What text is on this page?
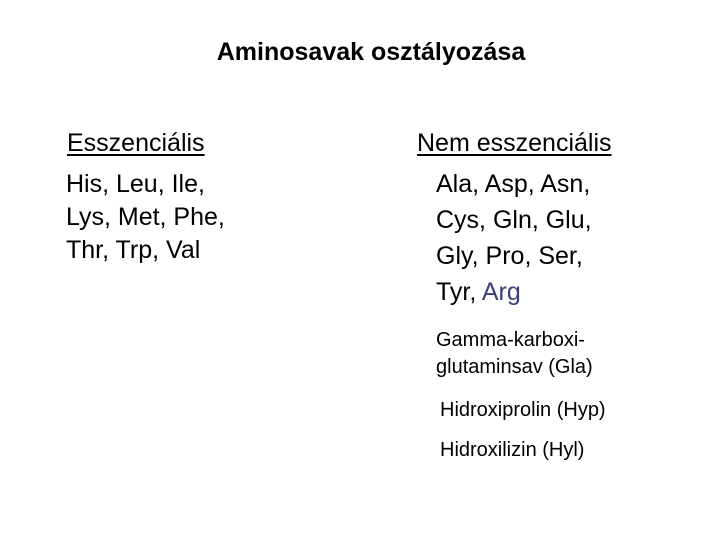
Aminosavak osztályozása
Esszenciális
His, Leu, Ile,
Lys, Met, Phe,
Thr, Trp, Val
Nem esszenciális
Ala, Asp, Asn,
Cys, Gln, Glu,
Gly, Pro, Ser,
Tyr, Arg
Gamma-karboxi-
glutaminsav (Gla)
Hidroxiprolin (Hyp)
Hidroxilizin (Hyl)
